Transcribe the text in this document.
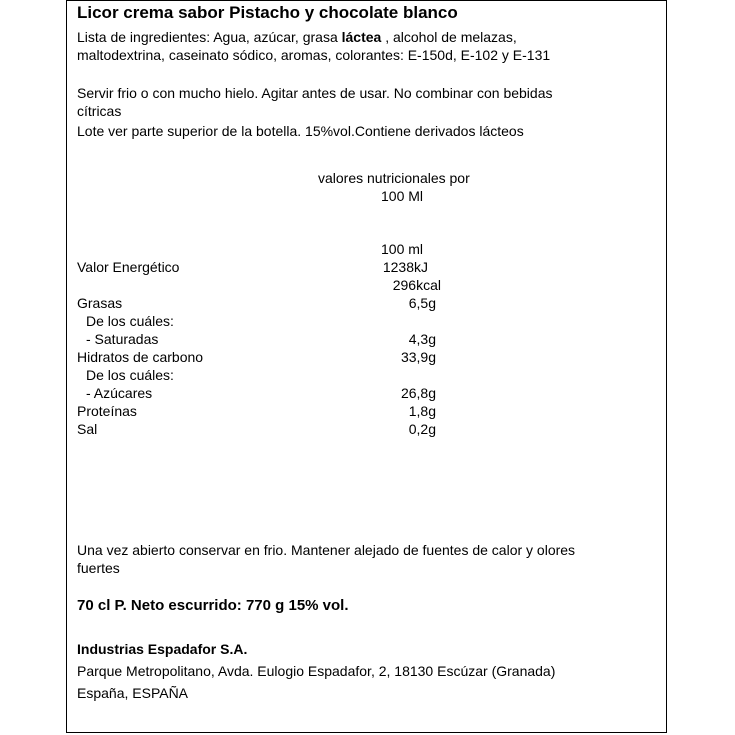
Licor crema sabor Pistacho y chocolate blanco
Lista de ingredientes: Agua, azúcar, grasa láctea , alcohol de melazas,
maltodextrina, caseinato sódico, aromas, colorantes: E-150d, E-102 y E-131
Servir frio o con mucho hielo. Agitar antes de usar. No combinar con bebidas
cítricas
Lote ver parte superior de la botella. 15%vol.Contiene derivados lácteos
valores nutricionales por
100 Ml
100 ml
Valor Energético	1238kJ
296kcal
Grasas	6,5g
De los cuáles:
- Saturadas	4,3g
Hidratos de carbono	33,9g
De los cuáles:
- Azúcares	26,8g
Proteínas	1,8g
Sal	0,2g
Una vez abierto conservar en frio. Mantener alejado de fuentes de calor y olores
fuertes
70 cl P. Neto escurrido: 770 g 15% vol.
Industrias Espadafor S.A.
Parque Metropolitano, Avda. Eulogio Espadafor, 2, 18130 Escúzar (Granada)
España, ESPAÑA
